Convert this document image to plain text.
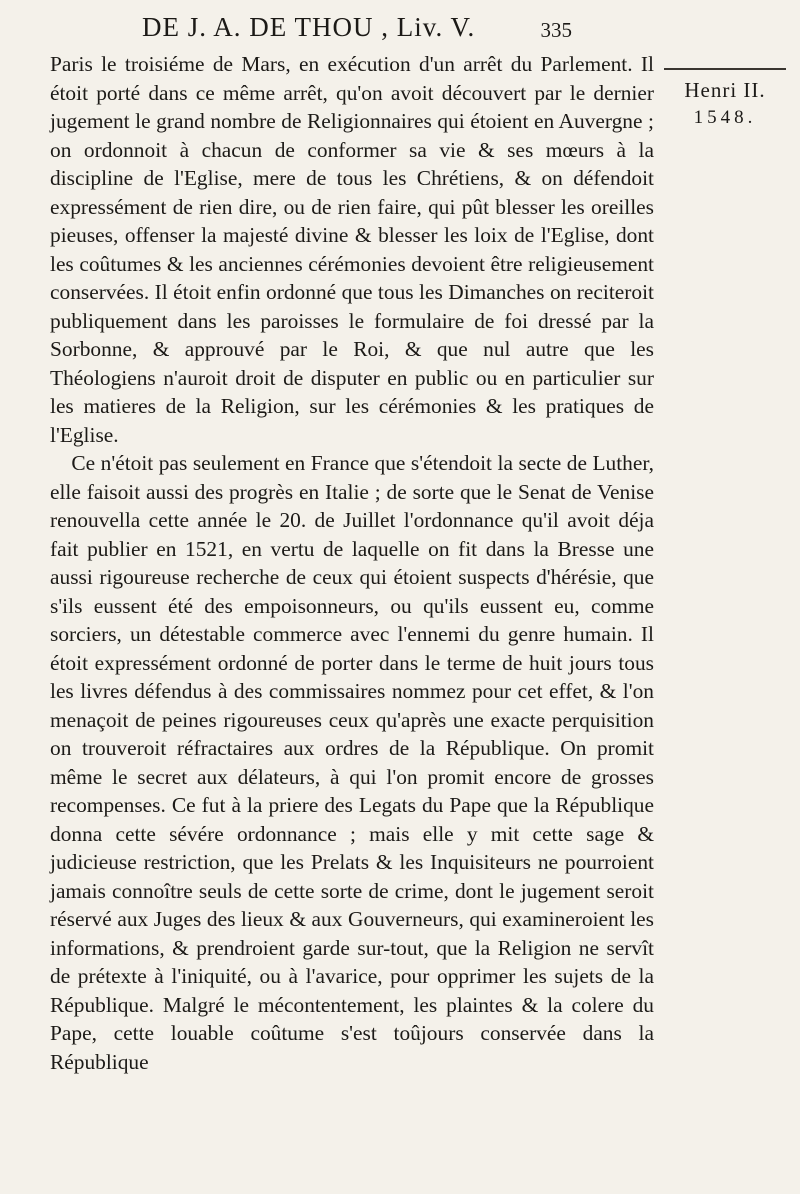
DE J. A. DE THOU , Liv. V.	335

Paris le troisiéme de Mars, en exécution d'un arrêt du Parlement. Il étoit porté dans ce même arrêt, qu'on avoit découvert par le dernier jugement le grand nombre de Religionnaires qui étoient en Auvergne ; on ordonnoit à chacun de conformer sa vie & ses mœurs à la discipline de l'Eglise, mere de tous les Chrétiens, & on défendoit expressément de rien dire, ou de rien faire, qui pût blesser les oreilles pieuses, offenser la majesté divine & blesser les loix de l'Eglise, dont les coûtumes & les anciennes cérémonies devoient être religieusement conservées. Il étoit enfin ordonné que tous les Dimanches on reciteroit publiquement dans les paroisses le formulaire de foi dressé par la Sorbonne, & approuvé par le Roi, & que nul autre que les Théologiens n'auroit droit de disputer en public ou en particulier sur les matieres de la Religion, sur les cérémonies & les pratiques de l'Eglise.

Ce n'étoit pas seulement en France que s'étendoit la secte de Luther, elle faisoit aussi des progrès en Italie ; de sorte que le Senat de Venise renouvella cette année le 20. de Juillet l'ordonnance qu'il avoit déja fait publier en 1521, en vertu de laquelle on fit dans la Bresse une aussi rigoureuse recherche de ceux qui étoient suspects d'hérésie, que s'ils eussent été des empoisonneurs, ou qu'ils eussent eu, comme sorciers, un détestable commerce avec l'ennemi du genre humain. Il étoit expressément ordonné de porter dans le terme de huit jours tous les livres défendus à des commissaires nommez pour cet effet, & l'on menaçoit de peines rigoureuses ceux qu'après une exacte perquisition on trouveroit réfractaires aux ordres de la République. On promit même le secret aux délateurs, à qui l'on promit encore de grosses recompenses. Ce fut à la priere des Legats du Pape que la République donna cette sévére ordonnance ; mais elle y mit cette sage & judicieuse restriction, que les Prelats & les Inquisiteurs ne pourroient jamais connoître seuls de cette sorte de crime, dont le jugement seroit réservé aux Juges des lieux & aux Gouverneurs, qui examineroient les informations, & prendroient garde sur-tout, que la Religion ne servît de prétexte à l'iniquité, ou à l'avarice, pour opprimer les sujets de la République. Malgré le mécontentement, les plaintes & la colere du Pape, cette louable coûtume s'est toûjours conservée dans la République

Henri II.
1548.
